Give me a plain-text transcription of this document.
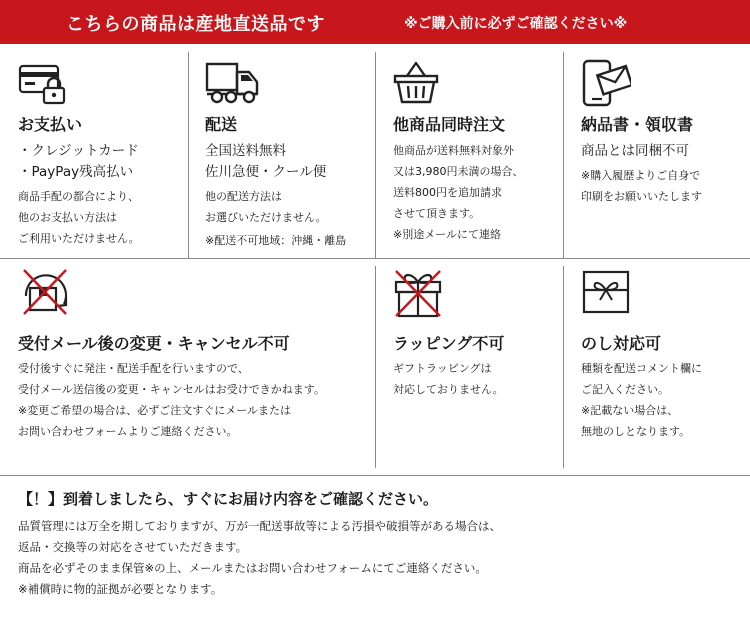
こちらの商品は産地直送品です	※ご購入前に必ずご確認ください※
お支払い
・クレジットカード
・PayPay残高払い
商品手配の都合により、
他のお支払い方法は
ご利用いただけません。
配送
全国送料無料
佐川急便・クール便
他の配送方法は
お選びいただけません。
※配送不可地域：沖縄・離島
他商品同時注文
他商品が送料無料対象外
又は3,980円未満の場合、
送料800円を追加請求
させて頂きます。
※別途メールにて連絡
納品書・領収書
商品とは同梱不可
※購入履歴よりご自身で
印刷をお願いいたします
受付メール後の変更・キャンセル不可
受付後すぐに発注・配送手配を行いますので、
受付メール送信後の変更・キャンセルはお受けできかねます。
※変更ご希望の場合は、必ずご注文すぐにメールまたは
お問い合わせフォームよりご連絡ください。
ラッピング不可
ギフトラッピングは
対応しておりません。
のし対応可
種類を配送コメント欄に
ご記入ください。
※記載ない場合は、
無地のしとなります。
【！】到着しましたら、すぐにお届け内容をご確認ください。
品質管理には万全を期しておりますが、万が一配送事故等による汚損や破損等がある場合は、
返品・交換等の対応をさせていただきます。
商品を必ずそのまま保管※の上、メールまたはお問い合わせフォームにてご連絡ください。
※補償時に物的証拠が必要となります。
